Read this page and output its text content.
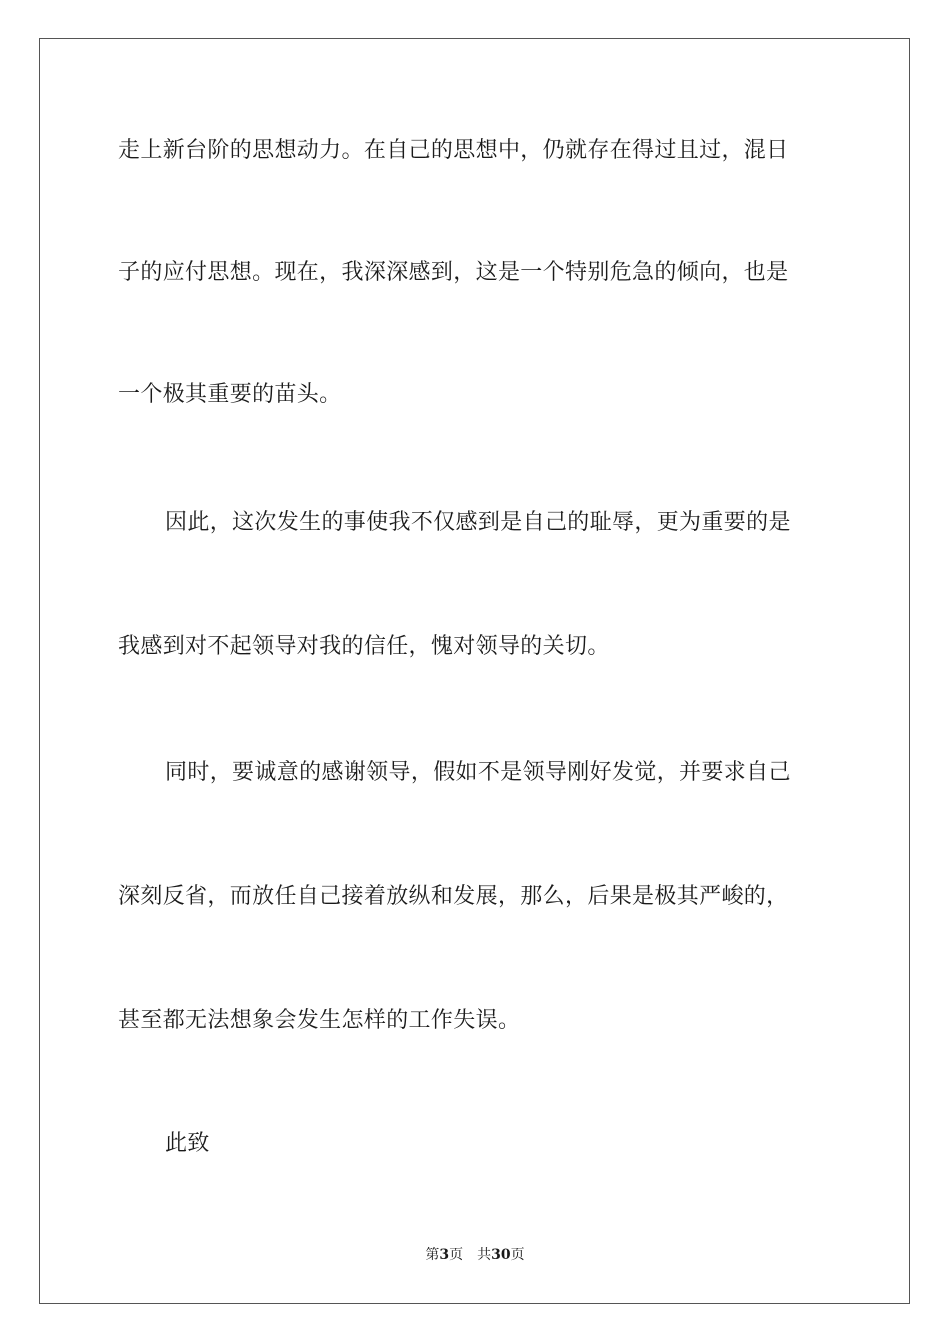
走上新台阶的思想动力。在自己的思想中，仍就存在得过且过，混日
子的应付思想。现在，我深深感到，这是一个特别危急的倾向，也是
一个极其重要的苗头。
因此，这次发生的事使我不仅感到是自己的耻辱，更为重要的是
我感到对不起领导对我的信任，愧对领导的关切。
同时，要诚意的感谢领导，假如不是领导刚好发觉，并要求自己
深刻反省，而放任自己接着放纵和发展，那么，后果是极其严峻的，
甚至都无法想象会发生怎样的工作失误。
此致
第3页 共30页
